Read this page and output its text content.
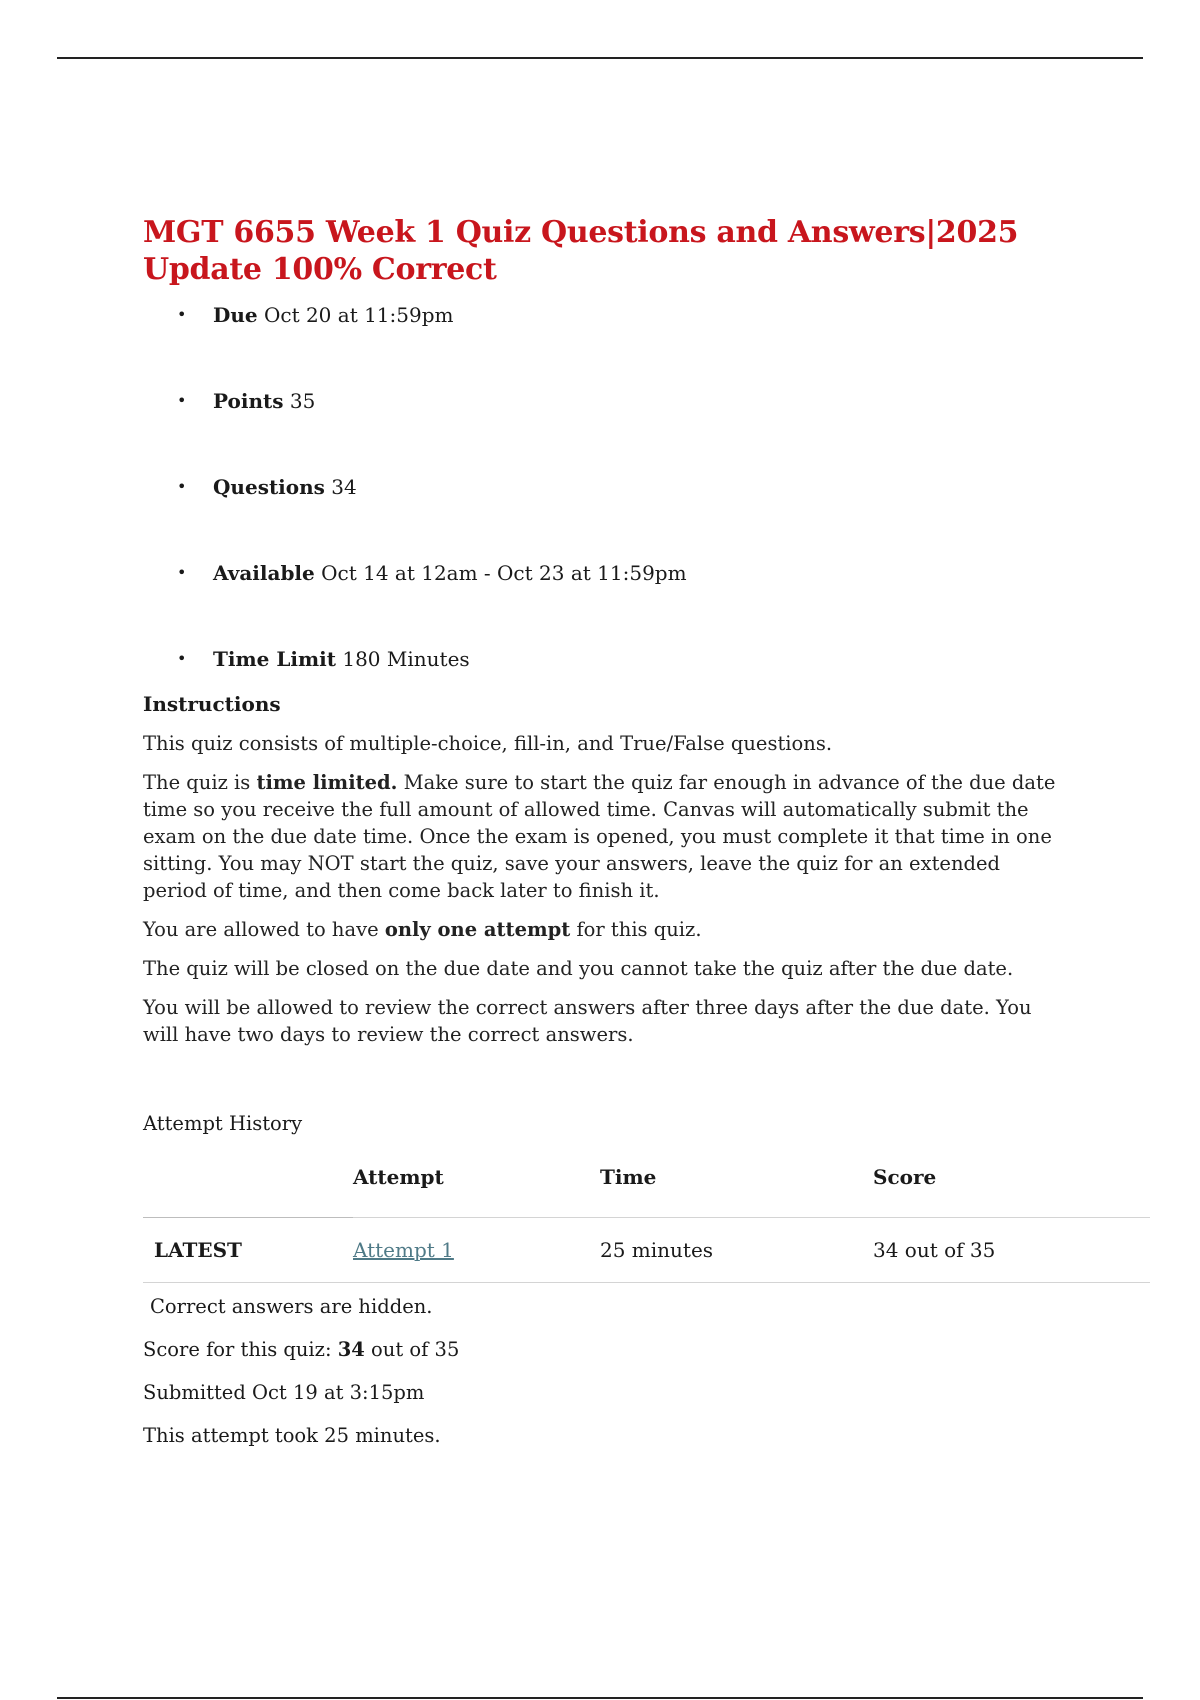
MGT 6655 Week 1 Quiz Questions and Answers|2025 Update 100% Correct
• Due Oct 20 at 11:59pm
• Points 35
• Questions 34
• Available Oct 14 at 12am - Oct 23 at 11:59pm
• Time Limit 180 Minutes
Instructions

This quiz consists of multiple-choice, fill-in, and True/False questions.

The quiz is time limited. Make sure to start the quiz far enough in advance of the due date time so you receive the full amount of allowed time. Canvas will automatically submit the exam on the due date time. Once the exam is opened, you must complete it that time in one sitting. You may NOT start the quiz, save your answers, leave the quiz for an extended period of time, and then come back later to finish it.

You are allowed to have only one attempt for this quiz.

The quiz will be closed on the due date and you cannot take the quiz after the due date.

You will be allowed to review the correct answers after three days after the due date. You will have two days to review the correct answers.

Attempt History

	Attempt	Time	Score
LATEST	Attempt 1	25 minutes	34 out of 35

Correct answers are hidden.

Score for this quiz: 34 out of 35

Submitted Oct 19 at 3:15pm

This attempt took 25 minutes.
